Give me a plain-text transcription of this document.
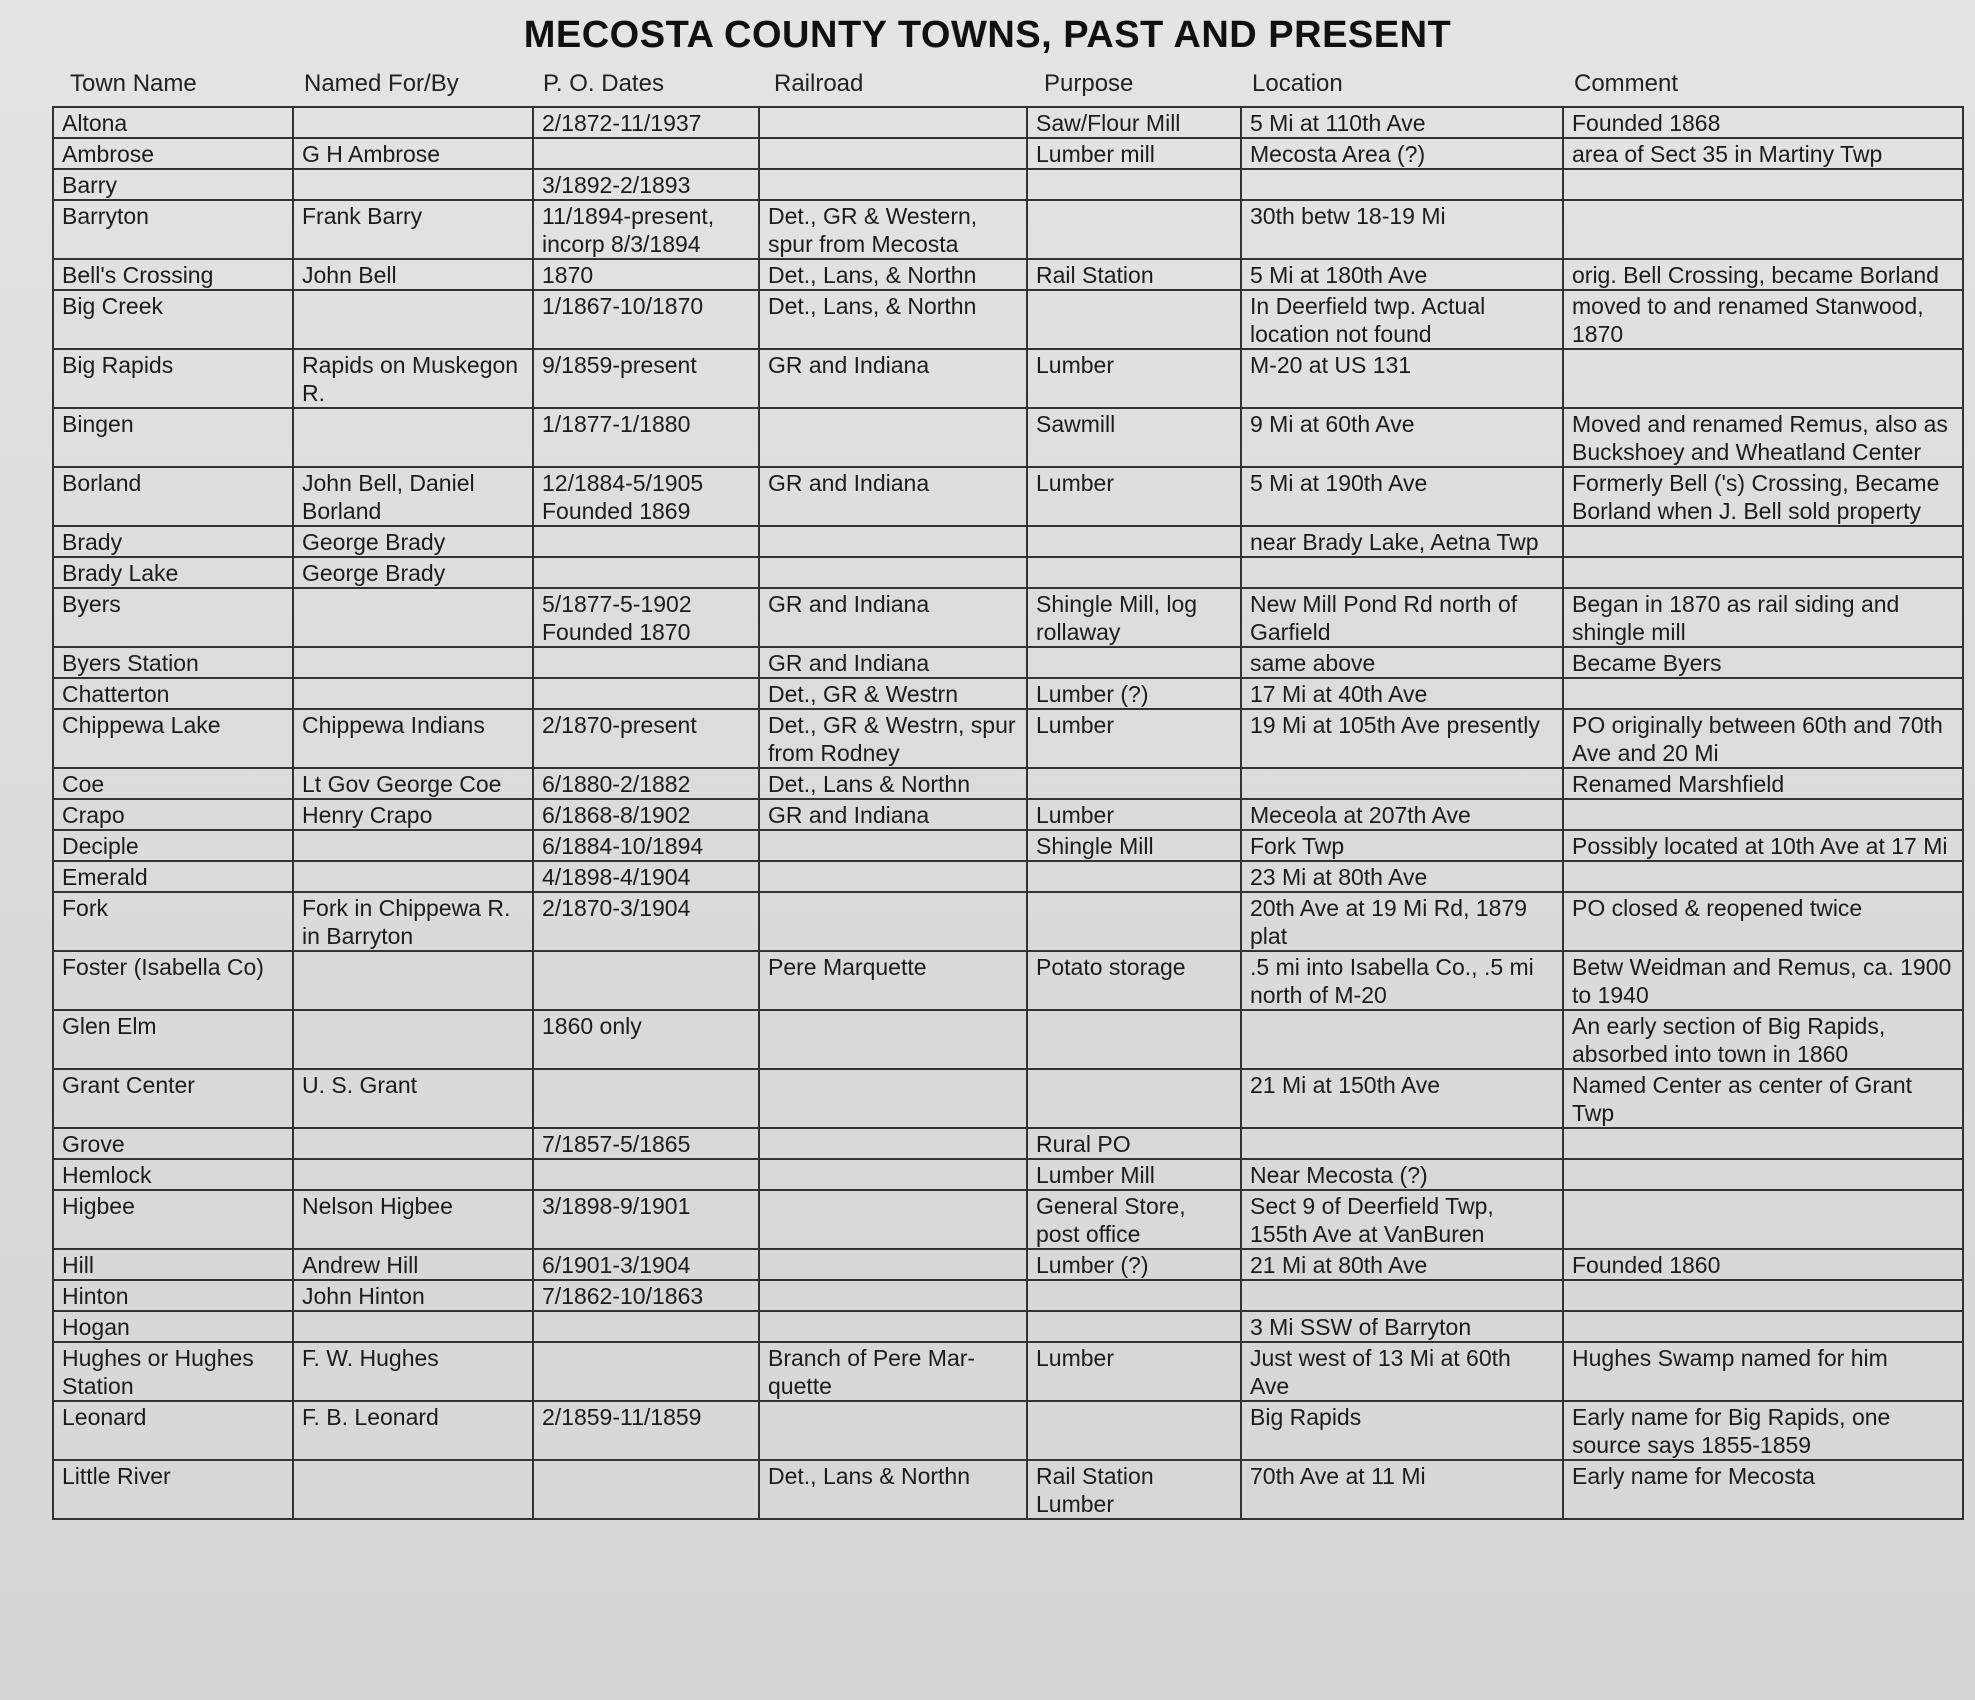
MECOSTA COUNTY TOWNS, PAST AND PRESENT
Town Name	Named For/By	P. O. Dates	Railroad	Purpose	Location	Comment
Altona		2/1872-11/1937		Saw/Flour Mill	5 Mi at 110th Ave	Founded 1868
Ambrose	G H Ambrose			Lumber mill	Mecosta Area (?)	area of Sect 35 in Martiny Twp
Barry		3/1892-2/1893				
Barryton	Frank Barry	11/1894-present, incorp 8/3/1894	Det., GR & Western, spur from Mecosta		30th betw 18-19 Mi	
Bell's Crossing	John Bell	1870	Det., Lans, & Northn	Rail Station	5 Mi at 180th Ave	orig. Bell Crossing, became Borland
Big Creek		1/1867-10/1870	Det., Lans, & Northn		In Deerfield twp. Actual location not found	moved to and renamed Stanwood, 1870
Big Rapids	Rapids on Muskegon R.	9/1859-present	GR and Indiana	Lumber	M-20 at US 131	
Bingen		1/1877-1/1880		Sawmill	9 Mi at 60th Ave	Moved and renamed Remus, also as Buckshoey and Wheatland Center
Borland	John Bell, Daniel Borland	12/1884-5/1905 Founded 1869	GR and Indiana	Lumber	5 Mi at 190th Ave	Formerly Bell ('s) Crossing, Became Borland when J. Bell sold property
Brady	George Brady				near Brady Lake, Aetna Twp	
Brady Lake	George Brady					
Byers		5/1877-5-1902 Founded 1870	GR and Indiana	Shingle Mill, log rollaway	New Mill Pond Rd north of Garfield	Began in 1870 as rail siding and shingle mill
Byers Station			GR and Indiana		same above	Became Byers
Chatterton			Det., GR & Westrn	Lumber (?)	17 Mi at 40th Ave	
Chippewa Lake	Chippewa Indians	2/1870-present	Det., GR & Westrn, spur from Rodney	Lumber	19 Mi at 105th Ave presently	PO originally between 60th and 70th Ave and 20 Mi
Coe	Lt Gov George Coe	6/1880-2/1882	Det., Lans & Northn			Renamed Marshfield
Crapo	Henry Crapo	6/1868-8/1902	GR and Indiana	Lumber	Meceola at 207th Ave	
Deciple		6/1884-10/1894		Shingle Mill	Fork Twp	Possibly located at 10th Ave at 17 Mi
Emerald		4/1898-4/1904			23 Mi at 80th Ave	
Fork	Fork in Chippewa R. in Barryton	2/1870-3/1904			20th Ave at 19 Mi Rd, 1879 plat	PO closed & reopened twice
Foster (Isabella Co)			Pere Marquette	Potato storage	.5 mi into Isabella Co., .5 mi north of M-20	Betw Weidman and Remus, ca. 1900 to 1940
Glen Elm		1860 only				An early section of Big Rapids, absorbed into town in 1860
Grant Center	U. S. Grant				21 Mi at 150th Ave	Named Center as center of Grant Twp
Grove		7/1857-5/1865		Rural PO		
Hemlock				Lumber Mill	Near Mecosta (?)	
Higbee	Nelson Higbee	3/1898-9/1901		General Store, post office	Sect 9 of Deerfield Twp, 155th Ave at VanBuren	
Hill	Andrew Hill	6/1901-3/1904		Lumber (?)	21 Mi at 80th Ave	Founded 1860
Hinton	John Hinton	7/1862-10/1863				
Hogan					3 Mi SSW of Barryton	
Hughes or Hughes Station	F. W. Hughes		Branch of Pere Mar-quette	Lumber	Just west of 13 Mi at 60th Ave	Hughes Swamp named for him
Leonard	F. B. Leonard	2/1859-11/1859			Big Rapids	Early name for Big Rapids, one source says 1855-1859
Little River			Det., Lans & Northn	Rail Station Lumber	70th Ave at 11 Mi	Early name for Mecosta
